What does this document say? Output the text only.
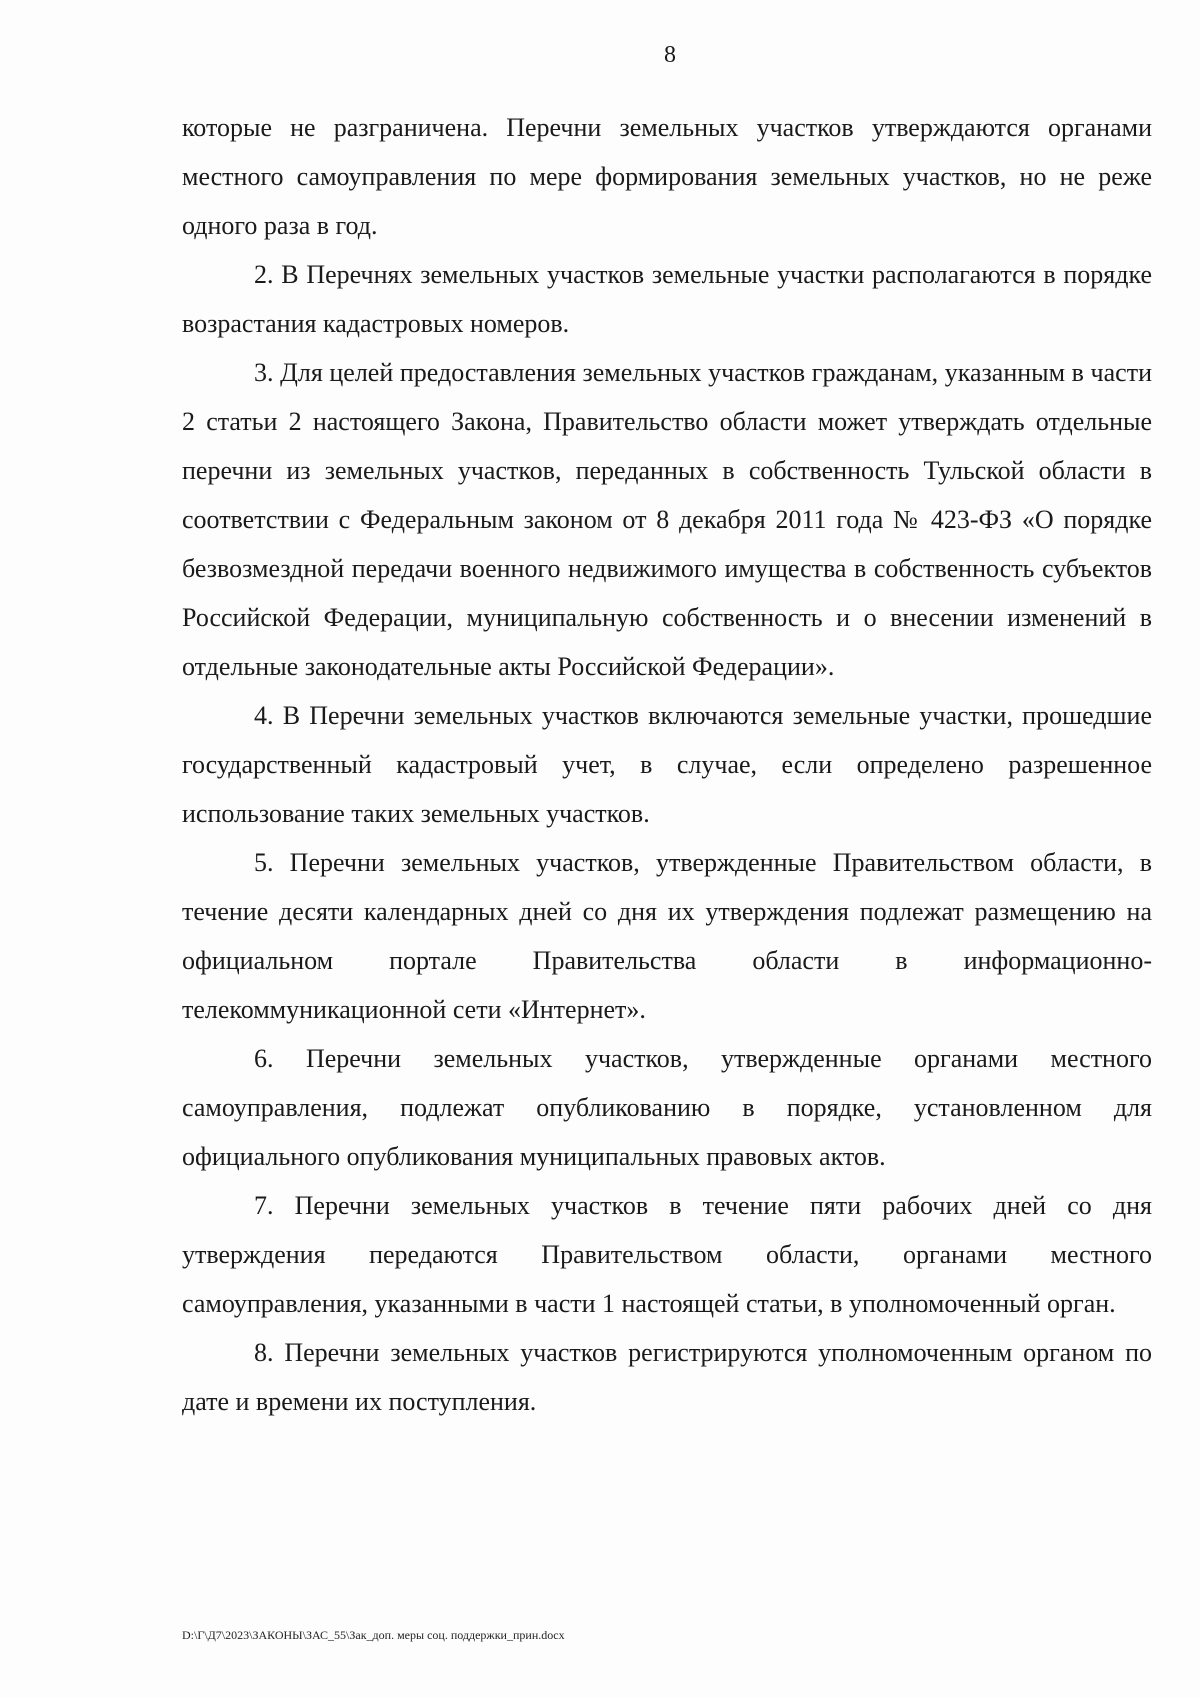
8

которые не разграничена. Перечни земельных участков утверждаются органами местного самоуправления по мере формирования земельных участков, но не реже одного раза в год.

2. В Перечнях земельных участков земельные участки располагаются в порядке возрастания кадастровых номеров.

3. Для целей предоставления земельных участков гражданам, указанным в части 2 статьи 2 настоящего Закона, Правительство области может утверждать отдельные перечни из земельных участков, переданных в собственность Тульской области в соответствии с Федеральным законом от 8 декабря 2011 года № 423-ФЗ «О порядке безвозмездной передачи военного недвижимого имущества в собственность субъектов Российской Федерации, муниципальную собственность и о внесении изменений в отдельные законодательные акты Российской Федерации».

4. В Перечни земельных участков включаются земельные участки, прошедшие государственный кадастровый учет, в случае, если определено разрешенное использование таких земельных участков.

5. Перечни земельных участков, утвержденные Правительством области, в течение десяти календарных дней со дня их утверждения подлежат размещению на официальном портале Правительства области в информационно-телекоммуникационной сети «Интернет».

6. Перечни земельных участков, утвержденные органами местного самоуправления, подлежат опубликованию в порядке, установленном для официального опубликования муниципальных правовых актов.

7. Перечни земельных участков в течение пяти рабочих дней со дня утверждения передаются Правительством области, органами местного самоуправления, указанными в части 1 настоящей статьи, в уполномоченный орган.

8. Перечни земельных участков регистрируются уполномоченным органом по дате и времени их поступления.

D:\Г\Д7\2023\ЗАКОНЫ\ЗАС_55\Зак_доп. меры соц. поддержки_прин.docx
